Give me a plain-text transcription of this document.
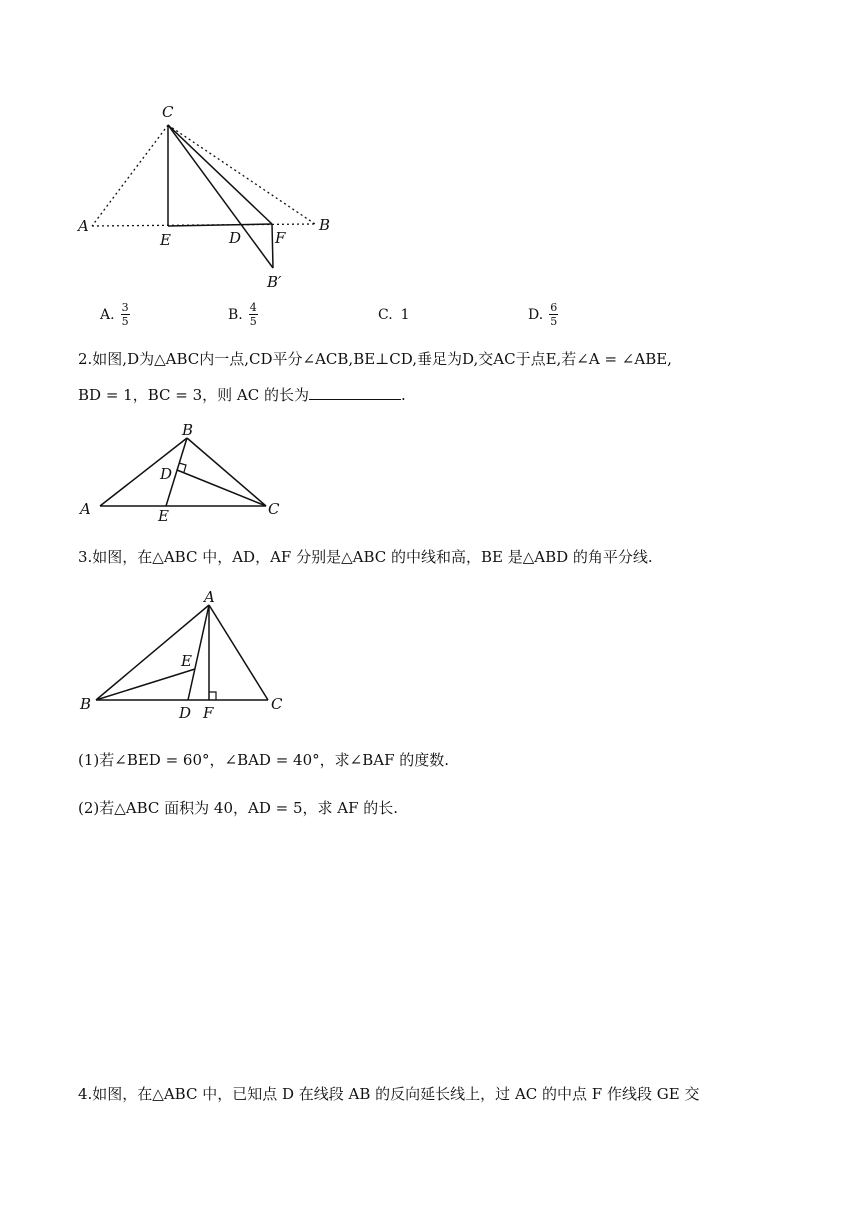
C
A	B
E	D F
B′
A. $\frac{3}{5}$	B. $\frac{4}{5}$	C. 1	D. $\frac{6}{5}$
2.如图,D为△ABC内一点,CD平分∠ACB,BE⊥CD,垂足为D,交AC于点E,若∠A = ∠ABE,
BD = 1，BC = 3，则 AC 的长为	.
B
D
A	E	C
3.如图，在△ABC 中，AD，AF 分别是△ABC 的中线和高，BE 是△ABD 的角平分线.
A
E
B	D F	C
(1)若∠BED = 60°，∠BAD = 40°，求∠BAF 的度数.
(2)若△ABC 面积为 40，AD = 5，求 AF 的长.
4.如图，在△ABC 中，已知点 D 在线段 AB 的反向延长线上，过 AC 的中点 F 作线段 GE 交
